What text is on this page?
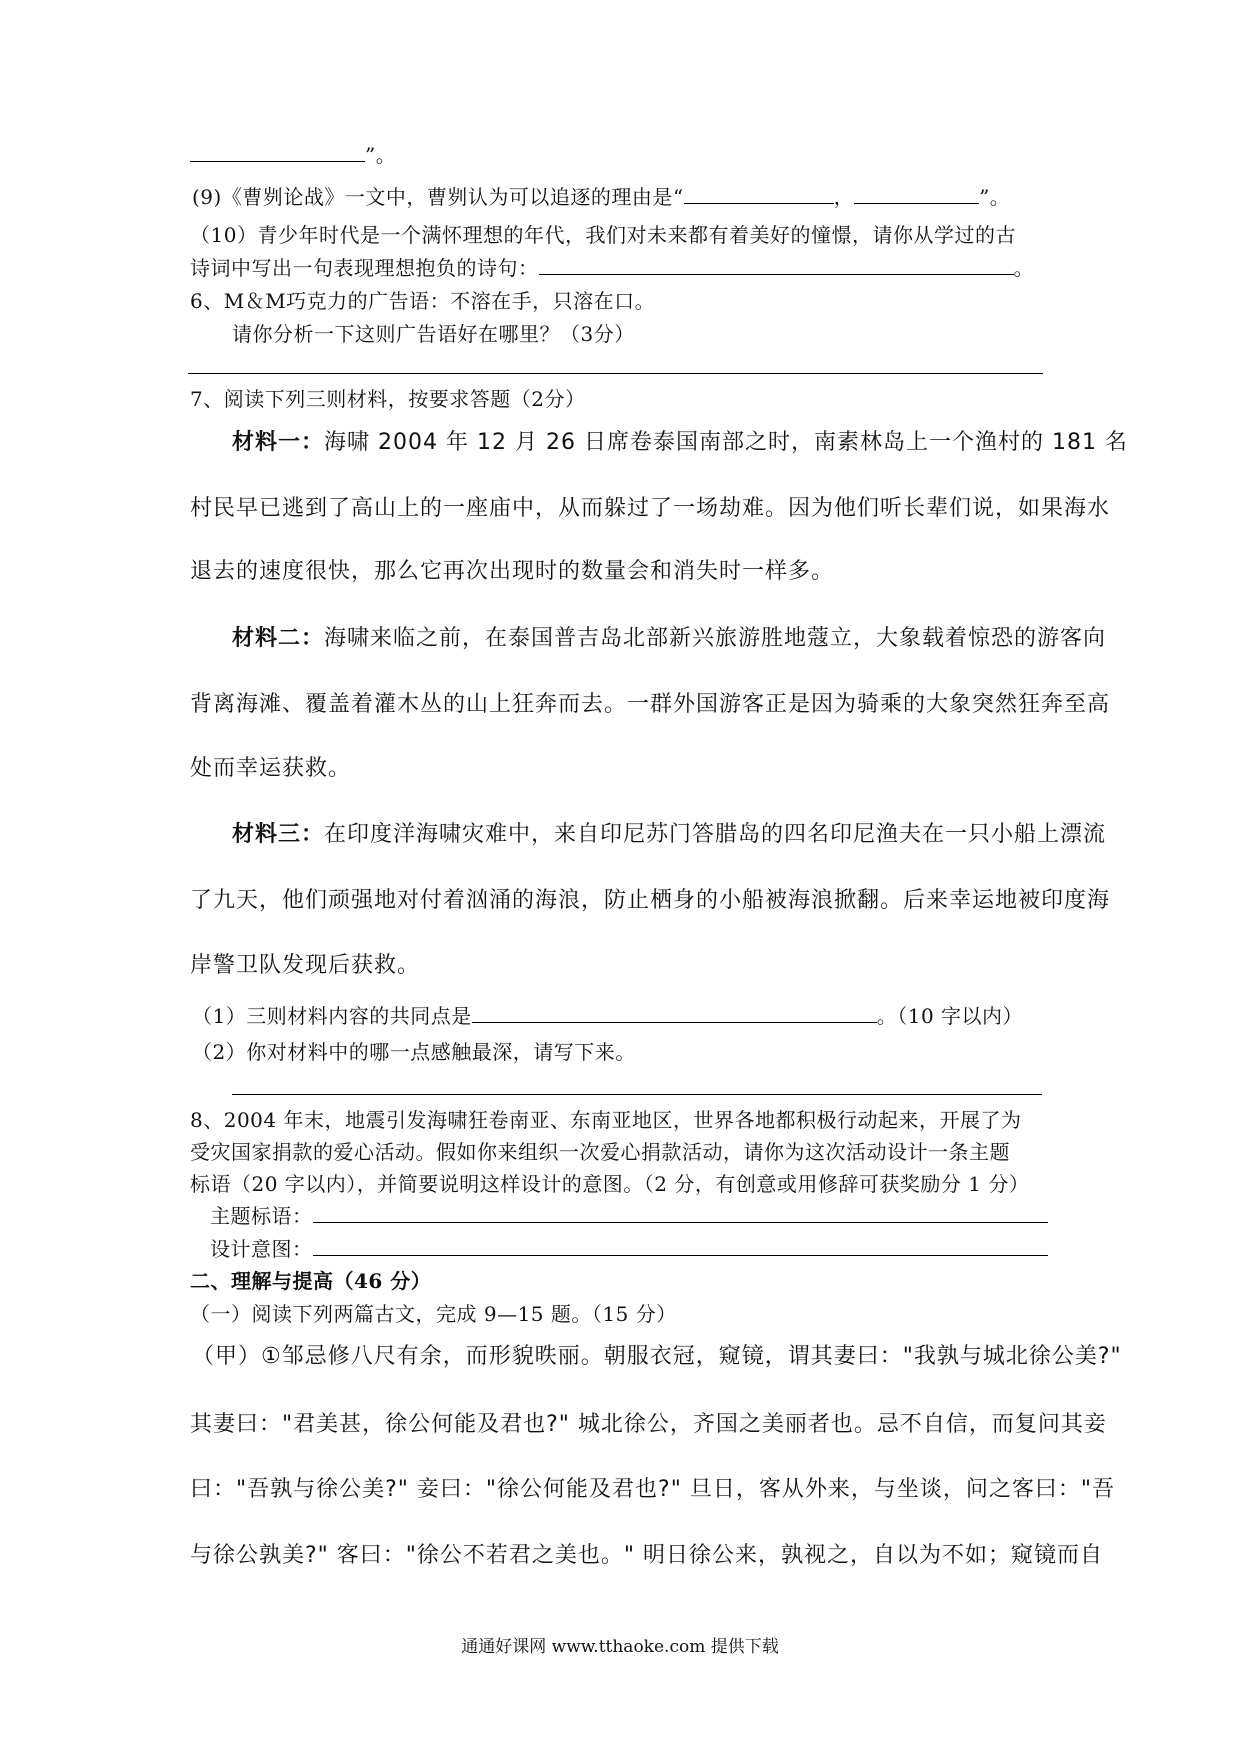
”。
(9)《曹刿论战》一文中，曹刿认为可以追逐的理由是“	，	”。
（10）青少年时代是一个满怀理想的年代，我们对未来都有着美好的憧憬，请你从学过的古
诗词中写出一句表现理想抱负的诗句：	。
6、M＆M巧克力的广告语：不溶在手，只溶在口。
请你分析一下这则广告语好在哪里？（3分）
7、阅读下列三则材料，按要求答题（2分）
材料一：海啸 2004 年 12 月 26 日席卷泰国南部之时，南素林岛上一个渔村的 181 名
村民早已逃到了高山上的一座庙中，从而躲过了一场劫难。因为他们听长辈们说，如果海水
退去的速度很快，那么它再次出现时的数量会和消失时一样多。
材料二：海啸来临之前，在泰国普吉岛北部新兴旅游胜地蔻立，大象载着惊恐的游客向
背离海滩、覆盖着灌木丛的山上狂奔而去。一群外国游客正是因为骑乘的大象突然狂奔至高
处而幸运获救。
材料三：在印度洋海啸灾难中，来自印尼苏门答腊岛的四名印尼渔夫在一只小船上漂流
了九天，他们顽强地对付着汹涌的海浪，防止栖身的小船被海浪掀翻。后来幸运地被印度海
岸警卫队发现后获救。
（1）三则材料内容的共同点是	。（10 字以内）
（2）你对材料中的哪一点感触最深，请写下来。
8、2004 年末，地震引发海啸狂卷南亚、东南亚地区，世界各地都积极行动起来，开展了为
受灾国家捐款的爱心活动。假如你来组织一次爱心捐款活动，请你为这次活动设计一条主题
标语（20 字以内），并简要说明这样设计的意图。（2 分，有创意或用修辞可获奖励分 1 分）
主题标语：
设计意图：
二、理解与提高（46 分）
（一）阅读下列两篇古文，完成 9—15 题。（15 分）
（甲）①邹忌修八尺有余，而形貌昳丽。朝服衣冠，窥镜，谓其妻曰："我孰与城北徐公美?"
其妻曰："君美甚，徐公何能及君也?" 城北徐公，齐国之美丽者也。忌不自信，而复问其妾
曰："吾孰与徐公美?" 妾曰："徐公何能及君也?" 旦日，客从外来，与坐谈，问之客曰："吾
与徐公孰美?" 客曰："徐公不若君之美也。" 明日徐公来，孰视之，自以为不如；窥镜而自
通通好课网 www.tthaoke.com 提供下载
